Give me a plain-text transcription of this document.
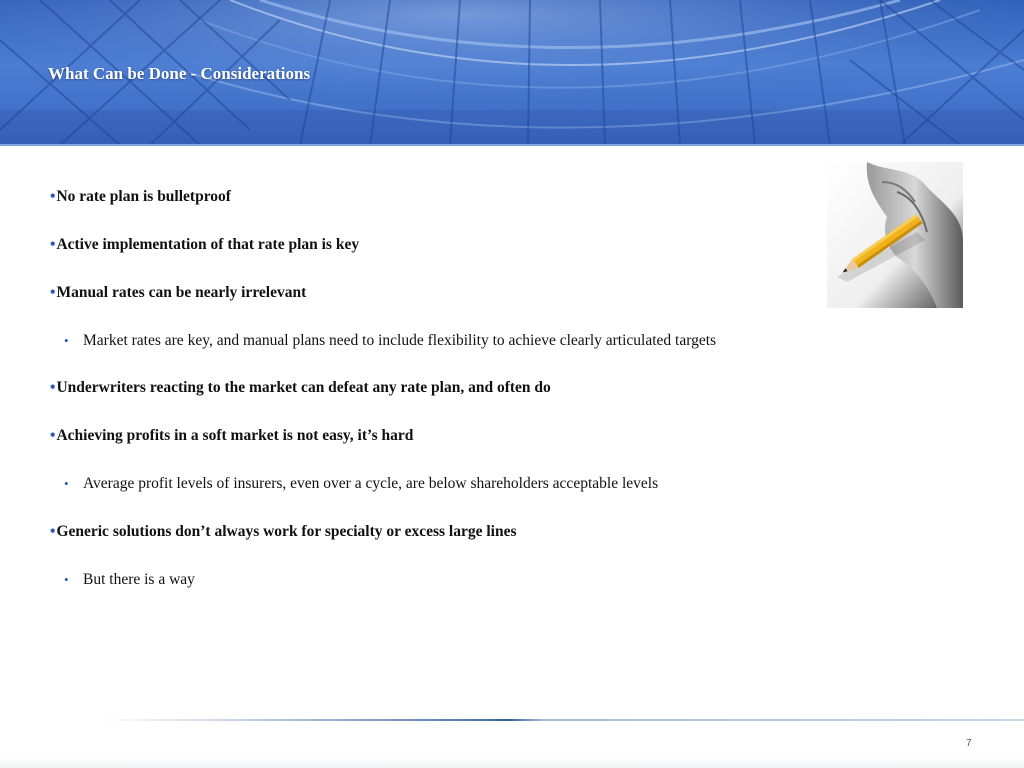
What Can be Done - Considerations
•No rate plan is bulletproof
•Active implementation of that rate plan is key
•Manual rates can be nearly irrelevant
• Market rates are key, and manual plans need to include flexibility to achieve clearly articulated targets
•Underwriters reacting to the market can defeat any rate plan, and often do
•Achieving profits in a soft market is not easy, it’s hard
• Average profit levels of insurers, even over a cycle, are below shareholders acceptable levels
•Generic solutions don’t always work for specialty or excess large lines
• But there is a way
7
